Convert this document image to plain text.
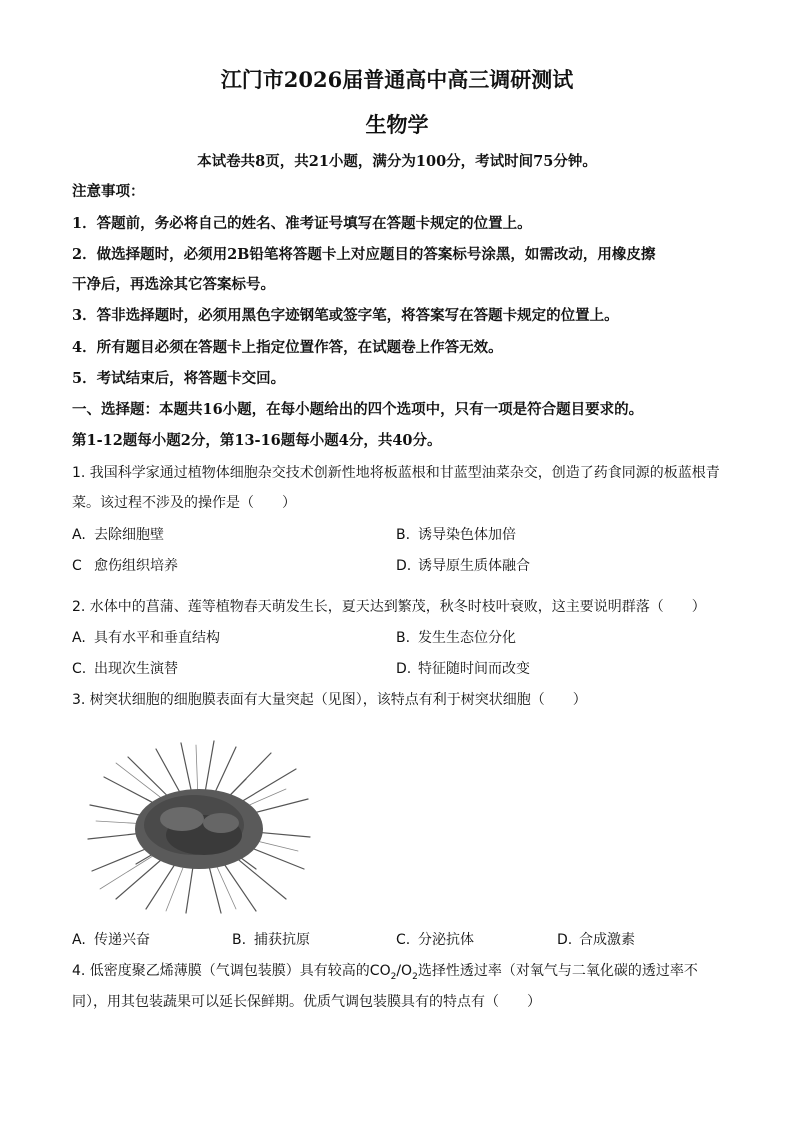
江门市2026届普通高中高三调研测试
生物学
本试卷共8页，共21小题，满分为100分，考试时间75分钟。
注意事项：
1．答题前，务必将自己的姓名、准考证号填写在答题卡规定的位置上。
2．做选择题时，必须用2B铅笔将答题卡上对应题目的答案标号涂黑，如需改动，用橡皮擦
干净后，再选涂其它答案标号。
3．答非选择题时，必须用黑色字迹钢笔或签字笔，将答案写在答题卡规定的位置上。
4．所有题目必须在答题卡上指定位置作答，在试题卷上作答无效。
5．考试结束后，将答题卡交回。
一、选择题：本题共16小题，在每小题给出的四个选项中，只有一项是符合题目要求的。
第1-12题每小题2分，第13-16题每小题4分，共40分。
1. 我国科学家通过植物体细胞杂交技术创新性地将板蓝根和甘蓝型油菜杂交，创造了药食同源的板蓝根青
菜。该过程不涉及的操作是（　　）
A. 去除细胞壁	B. 诱导染色体加倍
C 愈伤组织培养	D. 诱导原生质体融合
2. 水体中的菖蒲、莲等植物春天萌发生长，夏天达到繁茂，秋冬时枝叶衰败，这主要说明群落（　　）
A. 具有水平和垂直结构	B. 发生生态位分化
C. 出现次生演替	D. 特征随时间而改变
3. 树突状细胞的细胞膜表面有大量突起（见图），该特点有利于树突状细胞（　　）
A. 传递兴奋	B. 捕获抗原	C. 分泌抗体	D. 合成激素
4. 低密度聚乙烯薄膜（气调包装膜）具有较高的$CO_2/O_2$选择性透过率（对氧气与二氧化碳的透过率不
同），用其包装蔬果可以延长保鲜期。优质气调包装膜具有的特点有（　　）
